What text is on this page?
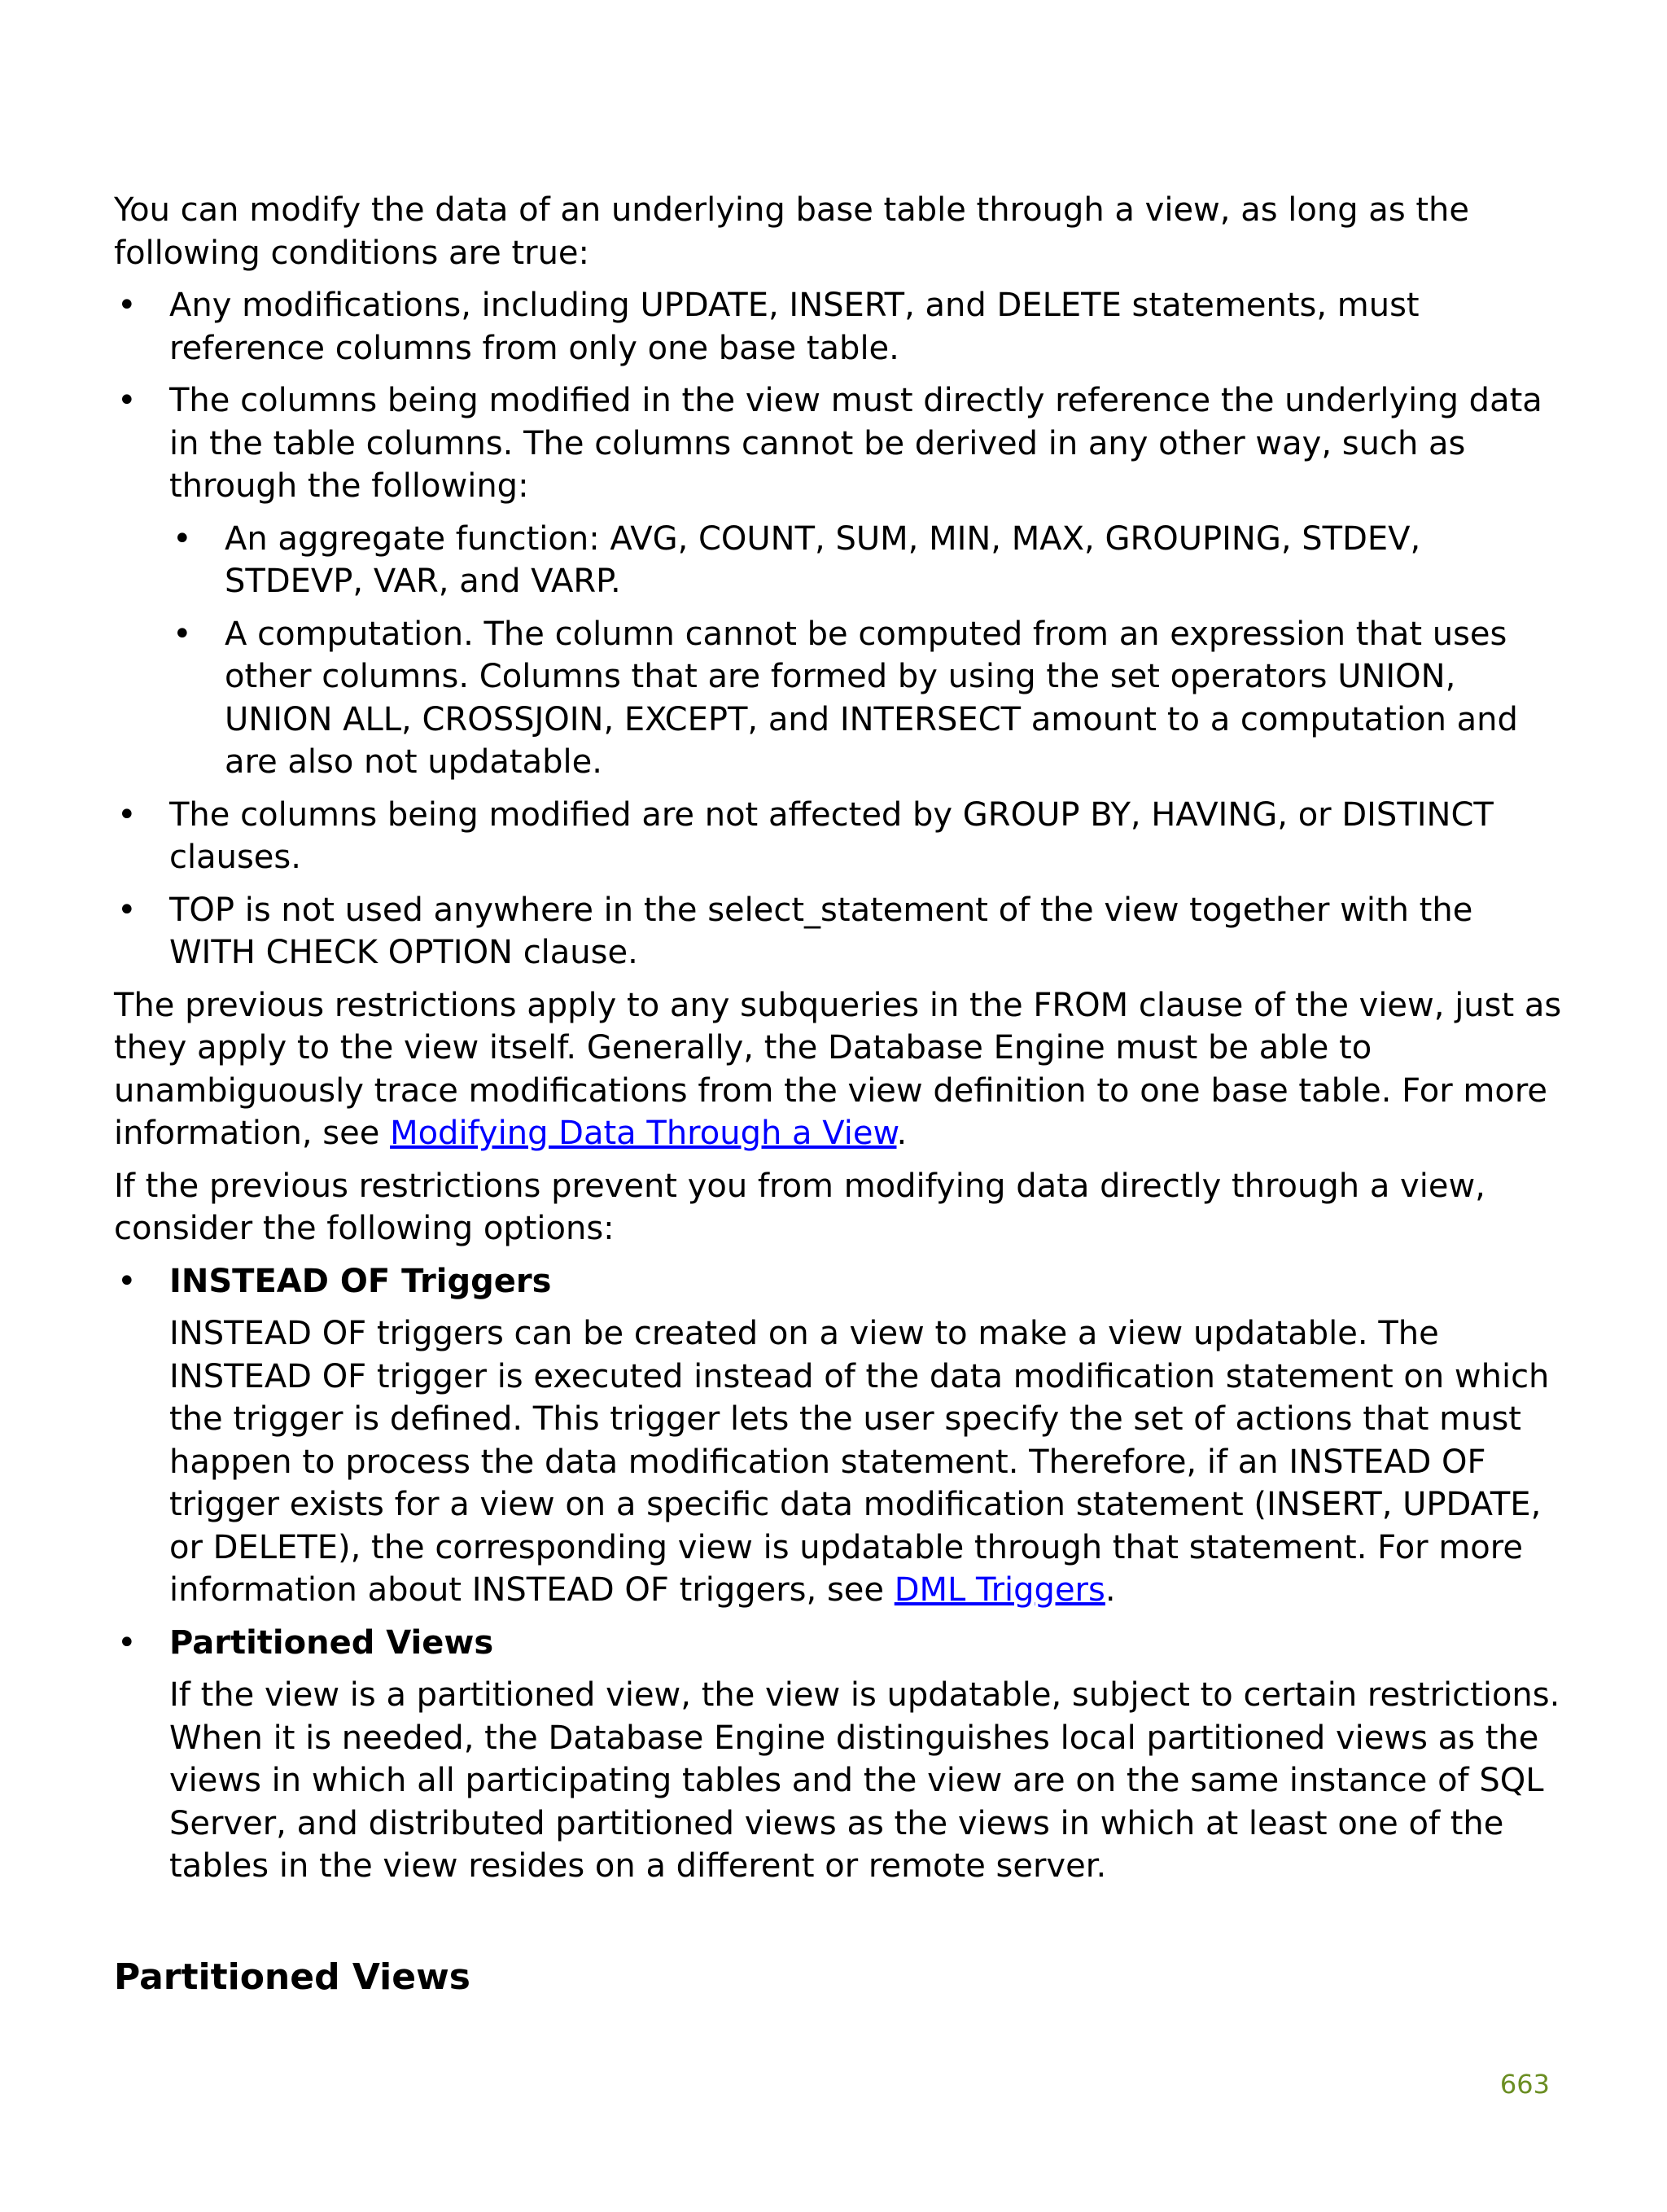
You can modify the data of an underlying base table through a view, as long as the following conditions are true:

• Any modifications, including UPDATE, INSERT, and DELETE statements, must reference columns from only one base table.
• The columns being modified in the view must directly reference the underlying data in the table columns. The columns cannot be derived in any other way, such as through the following:
• An aggregate function: AVG, COUNT, SUM, MIN, MAX, GROUPING, STDEV, STDEVP, VAR, and VARP.
• A computation. The column cannot be computed from an expression that uses other columns. Columns that are formed by using the set operators UNION, UNION ALL, CROSSJOIN, EXCEPT, and INTERSECT amount to a computation and are also not updatable.
• The columns being modified are not affected by GROUP BY, HAVING, or DISTINCT clauses.
• TOP is not used anywhere in the select_statement of the view together with the WITH CHECK OPTION clause.

The previous restrictions apply to any subqueries in the FROM clause of the view, just as they apply to the view itself. Generally, the Database Engine must be able to unambiguously trace modifications from the view definition to one base table. For more information, see Modifying Data Through a View.

If the previous restrictions prevent you from modifying data directly through a view, consider the following options:

• INSTEAD OF Triggers

INSTEAD OF triggers can be created on a view to make a view updatable. The INSTEAD OF trigger is executed instead of the data modification statement on which the trigger is defined. This trigger lets the user specify the set of actions that must happen to process the data modification statement. Therefore, if an INSTEAD OF trigger exists for a view on a specific data modification statement (INSERT, UPDATE, or DELETE), the corresponding view is updatable through that statement. For more information about INSTEAD OF triggers, see DML Triggers.

• Partitioned Views

If the view is a partitioned view, the view is updatable, subject to certain restrictions. When it is needed, the Database Engine distinguishes local partitioned views as the views in which all participating tables and the view are on the same instance of SQL Server, and distributed partitioned views as the views in which at least one of the tables in the view resides on a different or remote server.

Partitioned Views
663
